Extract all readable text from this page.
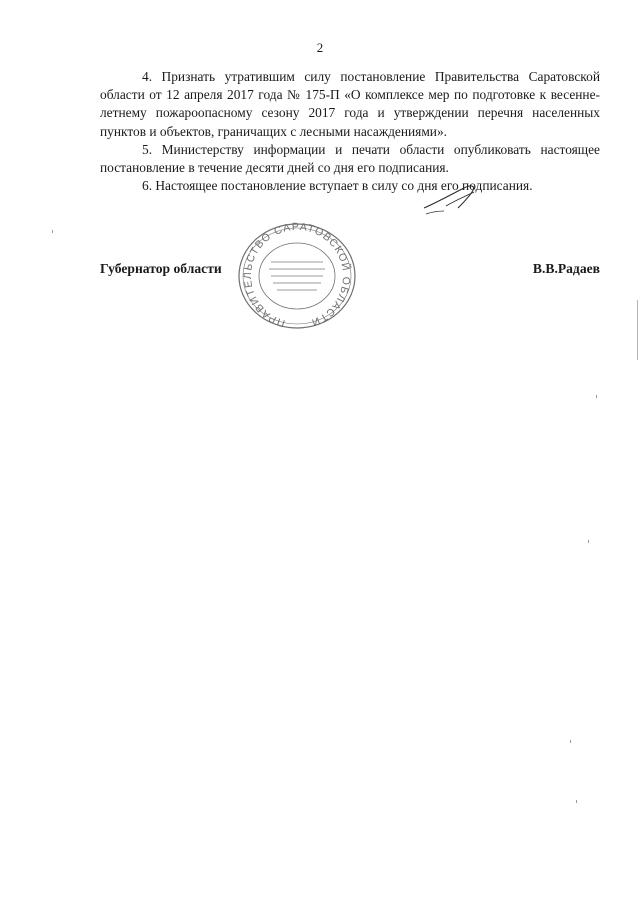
2

4. Признать утратившим силу постановление Правительства Саратовской области от 12 апреля 2017 года № 175-П «О комплексе мер по подготовке к весенне-летнему пожароопасному сезону 2017 года и утверждении перечня населенных пунктов и объектов, граничащих с лесными насаждениями».

5. Министерству информации и печати области опубликовать настоящее постановление в течение десяти дней со дня его подписания.

6. Настоящее постановление вступает в силу со дня его подписания.

Губернатор области	В.В.Радаев
ПРАВИТЕЛЬСТВО САРАТОВСКОЙ ОБЛАСТИ
